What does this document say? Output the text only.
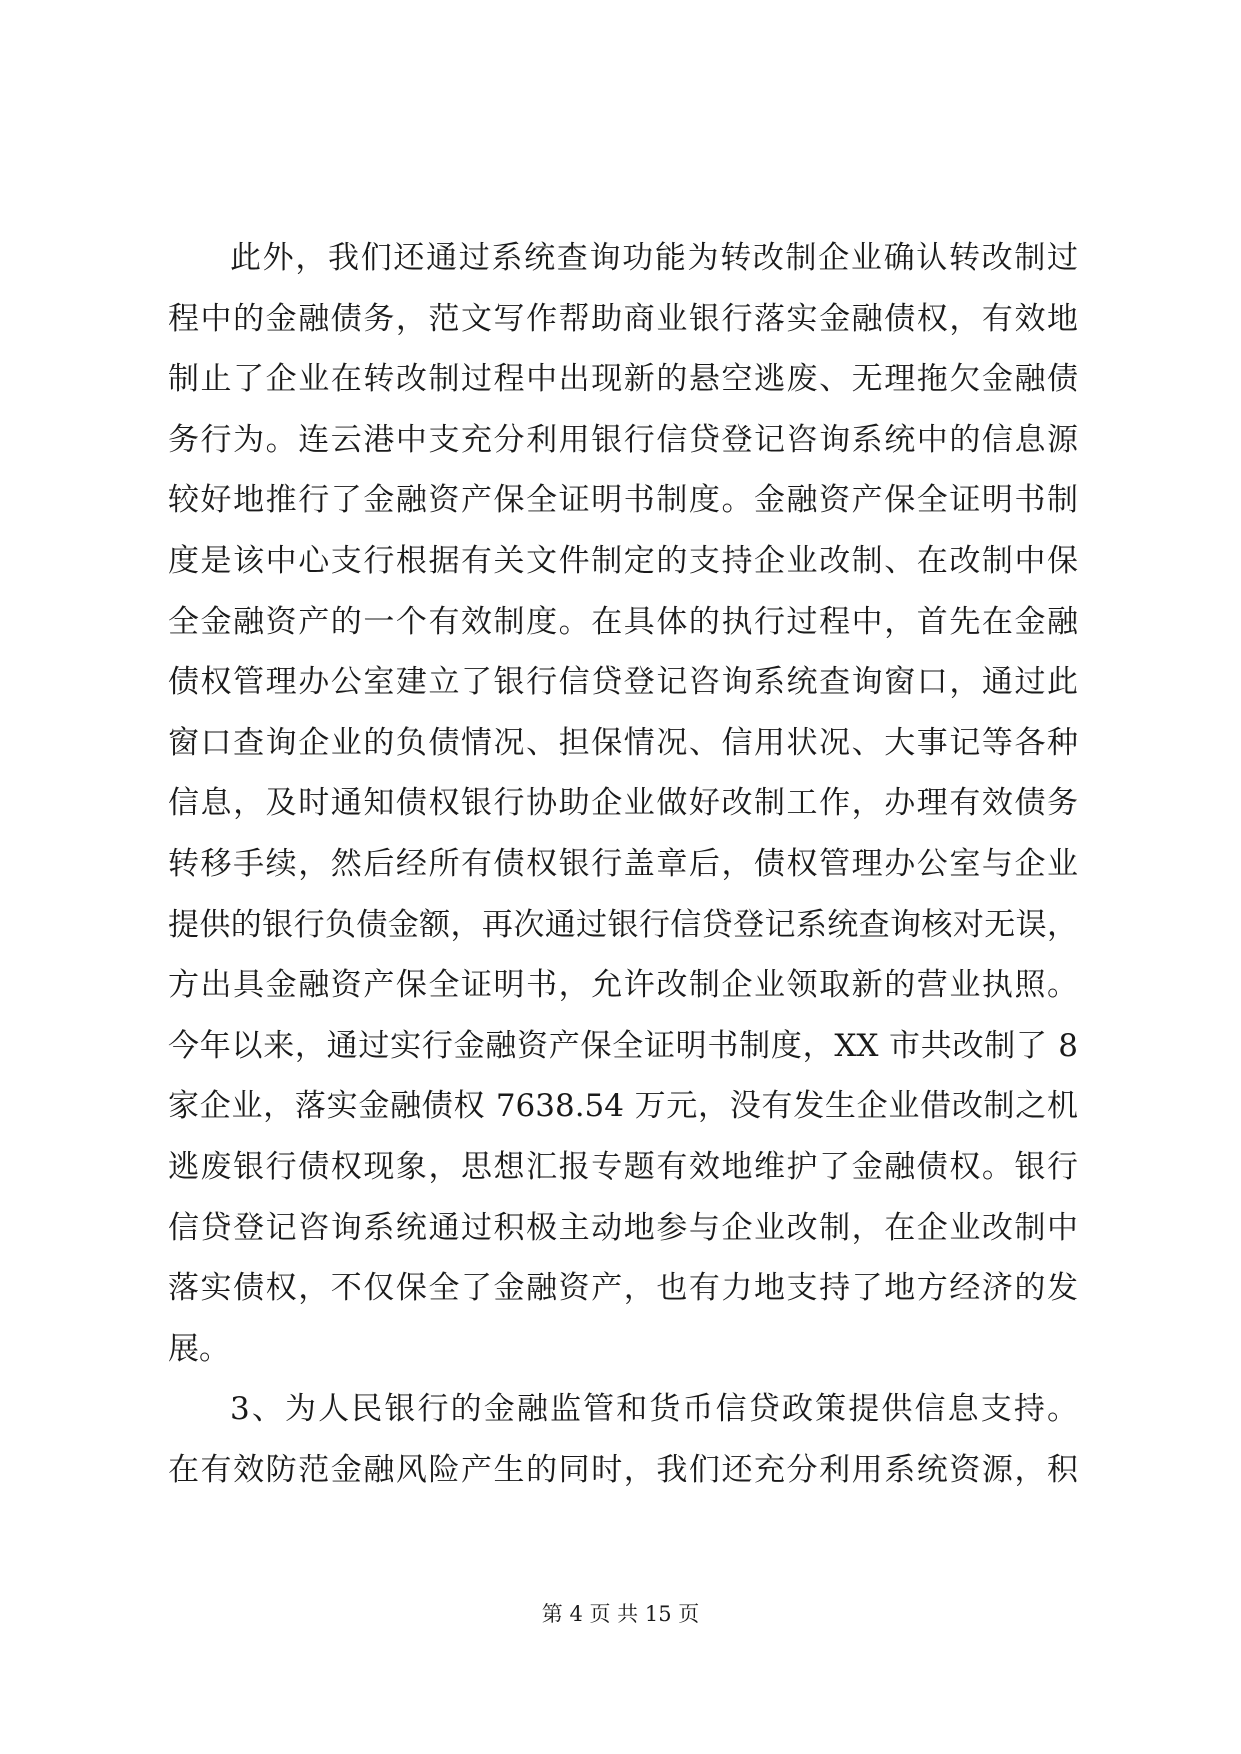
此外，我们还通过系统查询功能为转改制企业确认转改制过
程中的金融债务，范文写作帮助商业银行落实金融债权，有效地
制止了企业在转改制过程中出现新的悬空逃废、无理拖欠金融债
务行为。连云港中支充分利用银行信贷登记咨询系统中的信息源
较好地推行了金融资产保全证明书制度。金融资产保全证明书制
度是该中心支行根据有关文件制定的支持企业改制、在改制中保
全金融资产的一个有效制度。在具体的执行过程中，首先在金融
债权管理办公室建立了银行信贷登记咨询系统查询窗口，通过此
窗口查询企业的负债情况、担保情况、信用状况、大事记等各种
信息，及时通知债权银行协助企业做好改制工作，办理有效债务
转移手续，然后经所有债权银行盖章后，债权管理办公室与企业
提供的银行负债金额，再次通过银行信贷登记系统查询核对无误，
方出具金融资产保全证明书，允许改制企业领取新的营业执照。
今年以来，通过实行金融资产保全证明书制度，XX 市共改制了 8
家企业，落实金融债权 7638.54 万元，没有发生企业借改制之机
逃废银行债权现象，思想汇报专题有效地维护了金融债权。银行
信贷登记咨询系统通过积极主动地参与企业改制，在企业改制中
落实债权，不仅保全了金融资产，也有力地支持了地方经济的发
展。
3、为人民银行的金融监管和货币信贷政策提供信息支持。
在有效防范金融风险产生的同时，我们还充分利用系统资源，积
第 4 页 共 15 页
